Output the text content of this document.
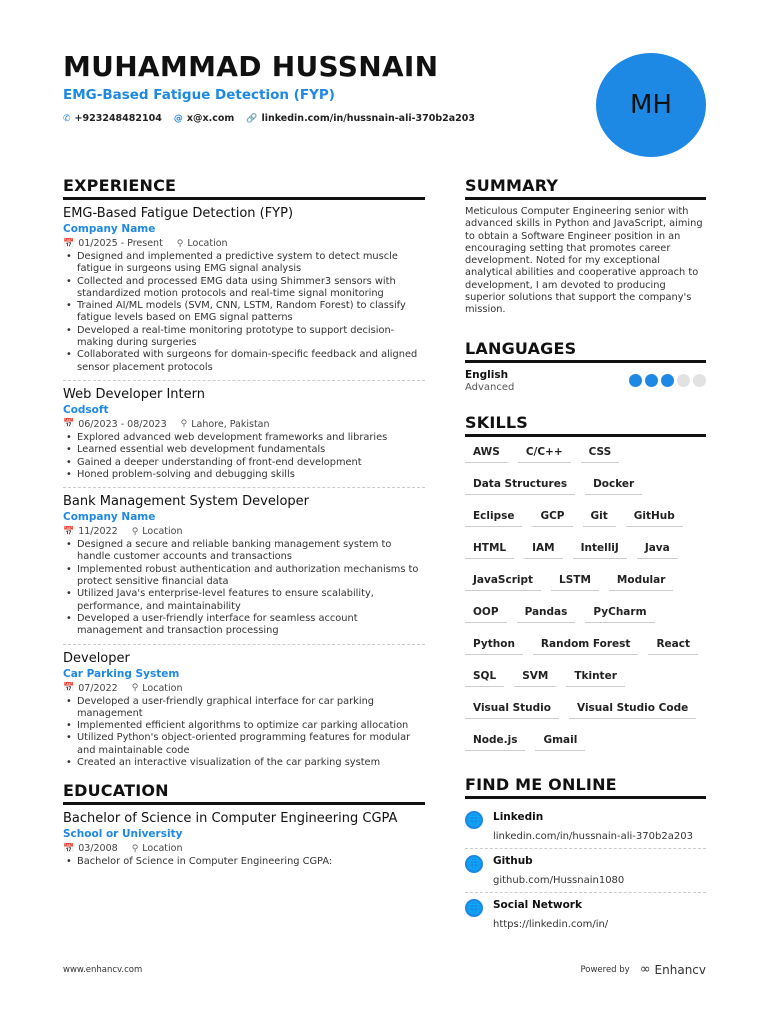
MUHAMMAD HUSSNAIN
EMG-Based Fatigue Detection (FYP)
✆ +923248482104 @ x@x.com 🔗 linkedin.com/in/hussnain-ali-370b2a203	MH
EXPERIENCE
EMG-Based Fatigue Detection (FYP)
Company Name
📅 01/2025 - Present ⚲ Location
• Designed and implemented a predictive system to detect muscle fatigue in surgeons using EMG signal analysis
• Collected and processed EMG data using Shimmer3 sensors with standardized motion protocols and real-time signal monitoring
• Trained AI/ML models (SVM, CNN, LSTM, Random Forest) to classify fatigue levels based on EMG signal patterns
• Developed a real-time monitoring prototype to support decision-making during surgeries
• Collaborated with surgeons for domain-specific feedback and aligned sensor placement protocols
Web Developer Intern
Codsoft
📅 06/2023 - 08/2023 ⚲ Lahore, Pakistan
• Explored advanced web development frameworks and libraries
• Learned essential web development fundamentals
• Gained a deeper understanding of front-end development
• Honed problem-solving and debugging skills
Bank Management System Developer
Company Name
📅 11/2022 ⚲ Location
• Designed a secure and reliable banking management system to handle customer accounts and transactions
• Implemented robust authentication and authorization mechanisms to protect sensitive financial data
• Utilized Java's enterprise-level features to ensure scalability, performance, and maintainability
• Developed a user-friendly interface for seamless account management and transaction processing
Developer
Car Parking System
📅 07/2022 ⚲ Location
• Developed a user-friendly graphical interface for car parking management
• Implemented efficient algorithms to optimize car parking allocation
• Utilized Python's object-oriented programming features for modular and maintainable code
• Created an interactive visualization of the car parking system
EDUCATION
Bachelor of Science in Computer Engineering CGPA
School or University
📅 03/2008 ⚲ Location
• Bachelor of Science in Computer Engineering CGPA:
SUMMARY
Meticulous Computer Engineering senior with advanced skills in Python and JavaScript, aiming to obtain a Software Engineer position in an encouraging setting that promotes career development. Noted for my exceptional analytical abilities and cooperative approach to development, I am devoted to producing superior solutions that support the company's mission.
LANGUAGES
English
Advanced
SKILLS
AWS	C/C++	CSS
Data Structures	Docker
Eclipse	GCP	Git	GitHub
HTML	IAM	IntelliJ	Java
JavaScript	LSTM	Modular
OOP	Pandas	PyCharm
Python	Random Forest	React
SQL	SVM	Tkinter
Visual Studio	Visual Studio Code
Node.js	Gmail
FIND ME ONLINE
🌐 Linkedin
linkedin.com/in/hussnain-ali-370b2a203
🌐 Github
github.com/Hussnain1080
🌐 Social Network
https://linkedin.com/in/
www.enhancv.com	Powered by ∞ Enhancv
